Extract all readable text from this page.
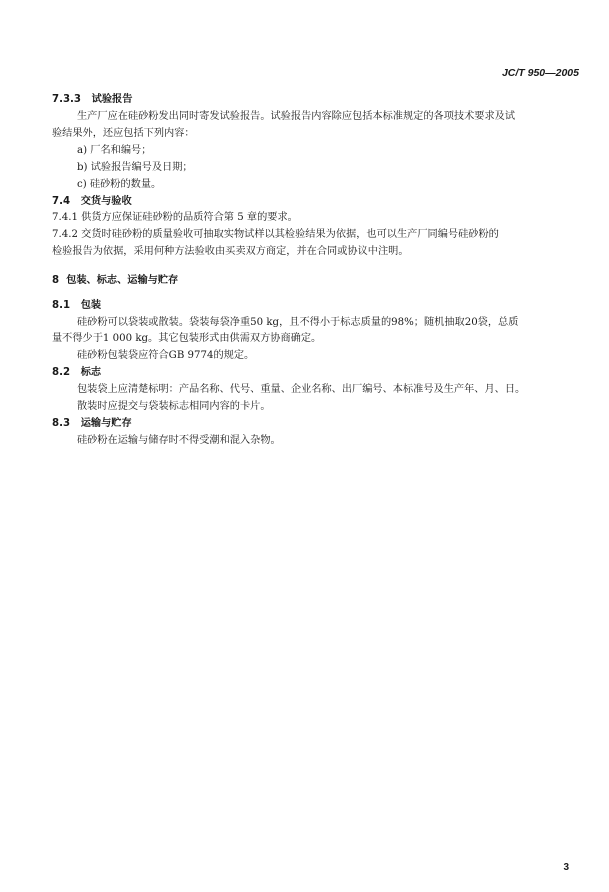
JC/T 950—2005
7.3.3 试验报告
生产厂应在硅砂粉发出同时寄发试验报告。试验报告内容除应包括本标准规定的各项技术要求及试
验结果外，还应包括下列内容：
a) 厂名和编号；
b) 试验报告编号及日期；
c) 硅砂粉的数量。
7.4 交货与验收
7.4.1 供货方应保证硅砂粉的品质符合第 5 章的要求。
7.4.2 交货时硅砂粉的质量验收可抽取实物试样以其检验结果为依据，也可以生产厂同编号硅砂粉的
检验报告为依据，采用何种方法验收由买卖双方商定，并在合同或协议中注明。
8 包装、标志、运输与贮存
8.1 包装
硅砂粉可以袋装或散装。袋装每袋净重50 kg，且不得小于标志质量的98%；随机抽取20袋，总质
量不得少于1 000 kg。其它包装形式由供需双方协商确定。
硅砂粉包装袋应符合GB 9774的规定。
8.2 标志
包装袋上应清楚标明：产品名称、代号、重量、企业名称、出厂编号、本标准号及生产年、月、日。
散装时应提交与袋装标志相同内容的卡片。
8.3 运输与贮存
硅砂粉在运输与储存时不得受潮和混入杂物。
3
